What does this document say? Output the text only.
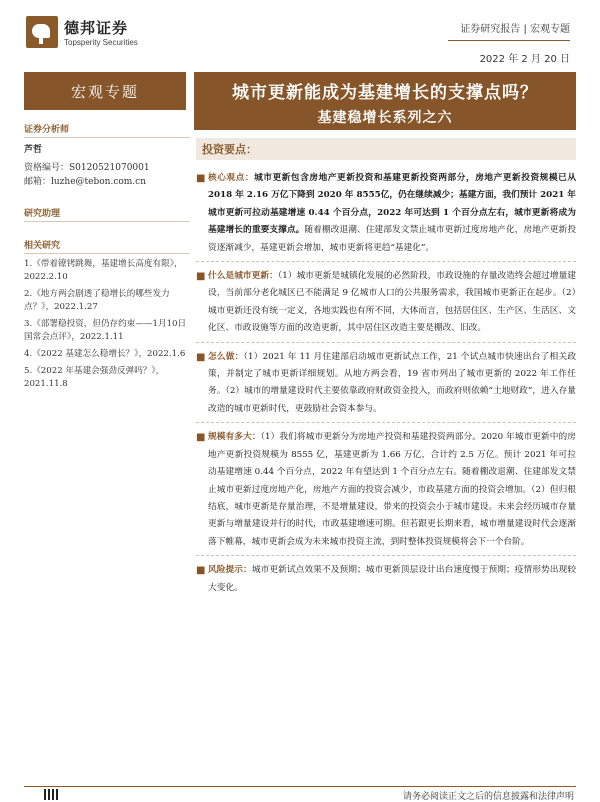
德邦证券
Topsperity Securities
证券研究报告 | 宏观专题
2022 年 2 月 20 日
宏观专题	城市更新能成为基建增长的支撑点吗？
基建稳增长系列之六
证券分析师
芦哲
资格编号：S0120521070001
邮箱：luzhe@tebon.com.cn
研究助理
相关研究

1.《带着镣铐跳舞，基建增长高度有限》，2022.2.10

2.《地方两会剧透了稳增长的哪些发力点？》，2022.1.27

3.《部署稳投资，但仍存约束——1月10日国常会点评》，2022.1.11

4.《2022 基建怎么稳增长？》，2022.1.6

5.《2022 年基建会强劲反弹吗？》，2021.11.8

投资要点：
■ 核心观点：城市更新包含房地产更新投资和基建更新投资两部分，房地产更新投资规模已从 2018 年 2.16 万亿下降到 2020 年 8555亿，仍在继续减少；基建方面，我们预计 2021 年城市更新可拉动基建增速 0.44 个百分点，2022 年可达到 1 个百分点左右，城市更新将成为基建增长的重要支撑点。随着棚改退潮、住建部发文禁止城市更新过度房地产化，房地产更新投资逐渐减少，基建更新会增加，城市更新将更趋“基建化”。
■ 什么是城市更新：（1）城市更新是城镇化发展的必然阶段，市政设施的存量改造终会超过增量建设，当前部分老化城区已不能满足 9 亿城市人口的公共服务需求，我国城市更新正在起步。（2）城市更新还没有统一定义，各地实践也有所不同，大体而言，包括居住区、生产区、生活区、文化区、市政设施等方面的改造更新，其中居住区改造主要是棚改、旧改。
■ 怎么做：（1）2021 年 11 月住建部启动城市更新试点工作，21 个试点城市快速出台了相关政策，并制定了城市更新详细规划。从地方两会看，19 省市列出了城市更新的 2022 年工作任务。（2）城市的增量建设时代主要依靠政府财政资金投入，而政府则依赖“土地财政”，进入存量改造的城市更新时代，更鼓励社会资本参与。
■ 规模有多大：（1）我们将城市更新分为房地产投资和基建投资两部分。2020 年城市更新中的房地产更新投资规模为 8555 亿，基建更新为 1.66 万亿，合计约 2.5 万亿。预计 2021 年可拉动基建增速 0.44 个百分点，2022 年有望达到 1 个百分点左右。随着棚改退潮、住建部发文禁止城市更新过度房地产化，房地产方面的投资会减少，市政基建方面的投资会增加。（2）但归根结底，城市更新是存量治理，不是增量建设，带来的投资会小于城市建设。未来会经历城市存量更新与增量建设并行的时代，市政基建增速可期。但若跟更长期来看，城市增量建设时代会逐渐落下帷幕，城市更新会成为未来城市投资主流，到时整体投资规模将会下一个台阶。
■ 风险提示：城市更新试点效果不及预期；城市更新顶层设计出台速度慢于预期；疫情形势出现较大变化。
请务必阅读正文之后的信息披露和法律声明
